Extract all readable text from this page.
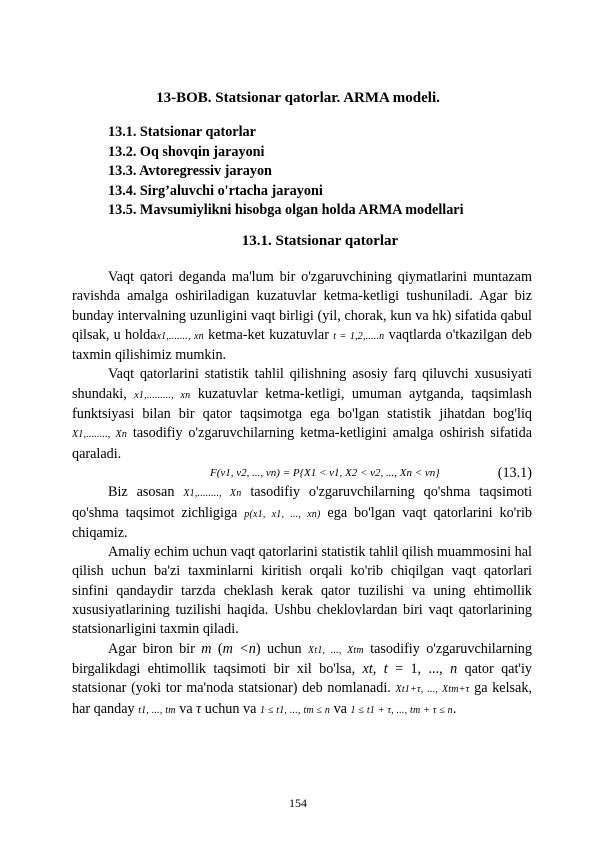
13-BOB. Statsionar qatorlar. ARMA modeli.
13.1. Statsionar qatorlar
13.2. Oq shovqin jarayoni
13.3. Avtoregressiv jarayon
13.4. Sirg’aluvchi o'rtacha jarayoni
13.5. Mavsumiylikni hisobga olgan holda ARMA modellari
13.1. Statsionar qatorlar

Vaqt qatori deganda ma'lum bir o'zgaruvchining qiymatlarini muntazam ravishda amalga oshiriladigan kuzatuvlar ketma-ketligi tushuniladi. Agar biz bunday intervalning uzunligini vaqt birligi (yil, chorak, kun va hk) sifatida qabul qilsak, u holdax1,......., xn ketma-ket kuzatuvlar t = 1,2,.....n vaqtlarda o'tkazilgan deb taxmin qilishimiz mumkin.

Vaqt qatorlarini statistik tahlil qilishning asosiy farq qiluvchi xususiyati shundaki, x1,........., xn kuzatuvlar ketma-ketligi, umuman aytganda, taqsimlash funktsiyasi bilan bir qator taqsimotga ega bo'lgan statistik jihatdan bog'liq X1,........, Xn tasodifiy o'zgaruvchilarning ketma-ketligini amalga oshirish sifatida qaraladi.

F(v1, v2, ..., vn) = P{X1 < v1, X2 < v2, ..., Xn < vn}	(13.1)

Biz asosan X1,........, Xn tasodifiy o'zgaruvchilarning qo'shma taqsimoti qo'shma taqsimot zichligiga p(x1, x1, ..., xn) ega bo'lgan vaqt qatorlarini ko'rib chiqamiz.

Amaliy echim uchun vaqt qatorlarini statistik tahlil qilish muammosini hal qilish uchun ba'zi taxminlarni kiritish orqali ko'rib chiqilgan vaqt qatorlari sinfini qandaydir tarzda cheklash kerak qator tuzilishi va uning ehtimollik xususiyatlarining tuzilishi haqida. Ushbu cheklovlardan biri vaqt qatorlarining statsionarligini taxmin qiladi.

Agar biron bir m (m <n) uchun Xt1, ..., Xtm tasodifiy o'zgaruvchilarning birgalikdagi ehtimollik taqsimoti bir xil bo'lsa, xt, t = 1, ..., n qator qat'iy statsionar (yoki tor ma'noda statsionar) deb nomlanadi. Xt1+τ, ..., Xtm+τ ga kelsak, har qanday t1, ..., tm va τ uchun va 1 ≤ t1, ..., tm ≤ n va 1 ≤ t1 + τ, ..., tm + τ ≤ n.

154
